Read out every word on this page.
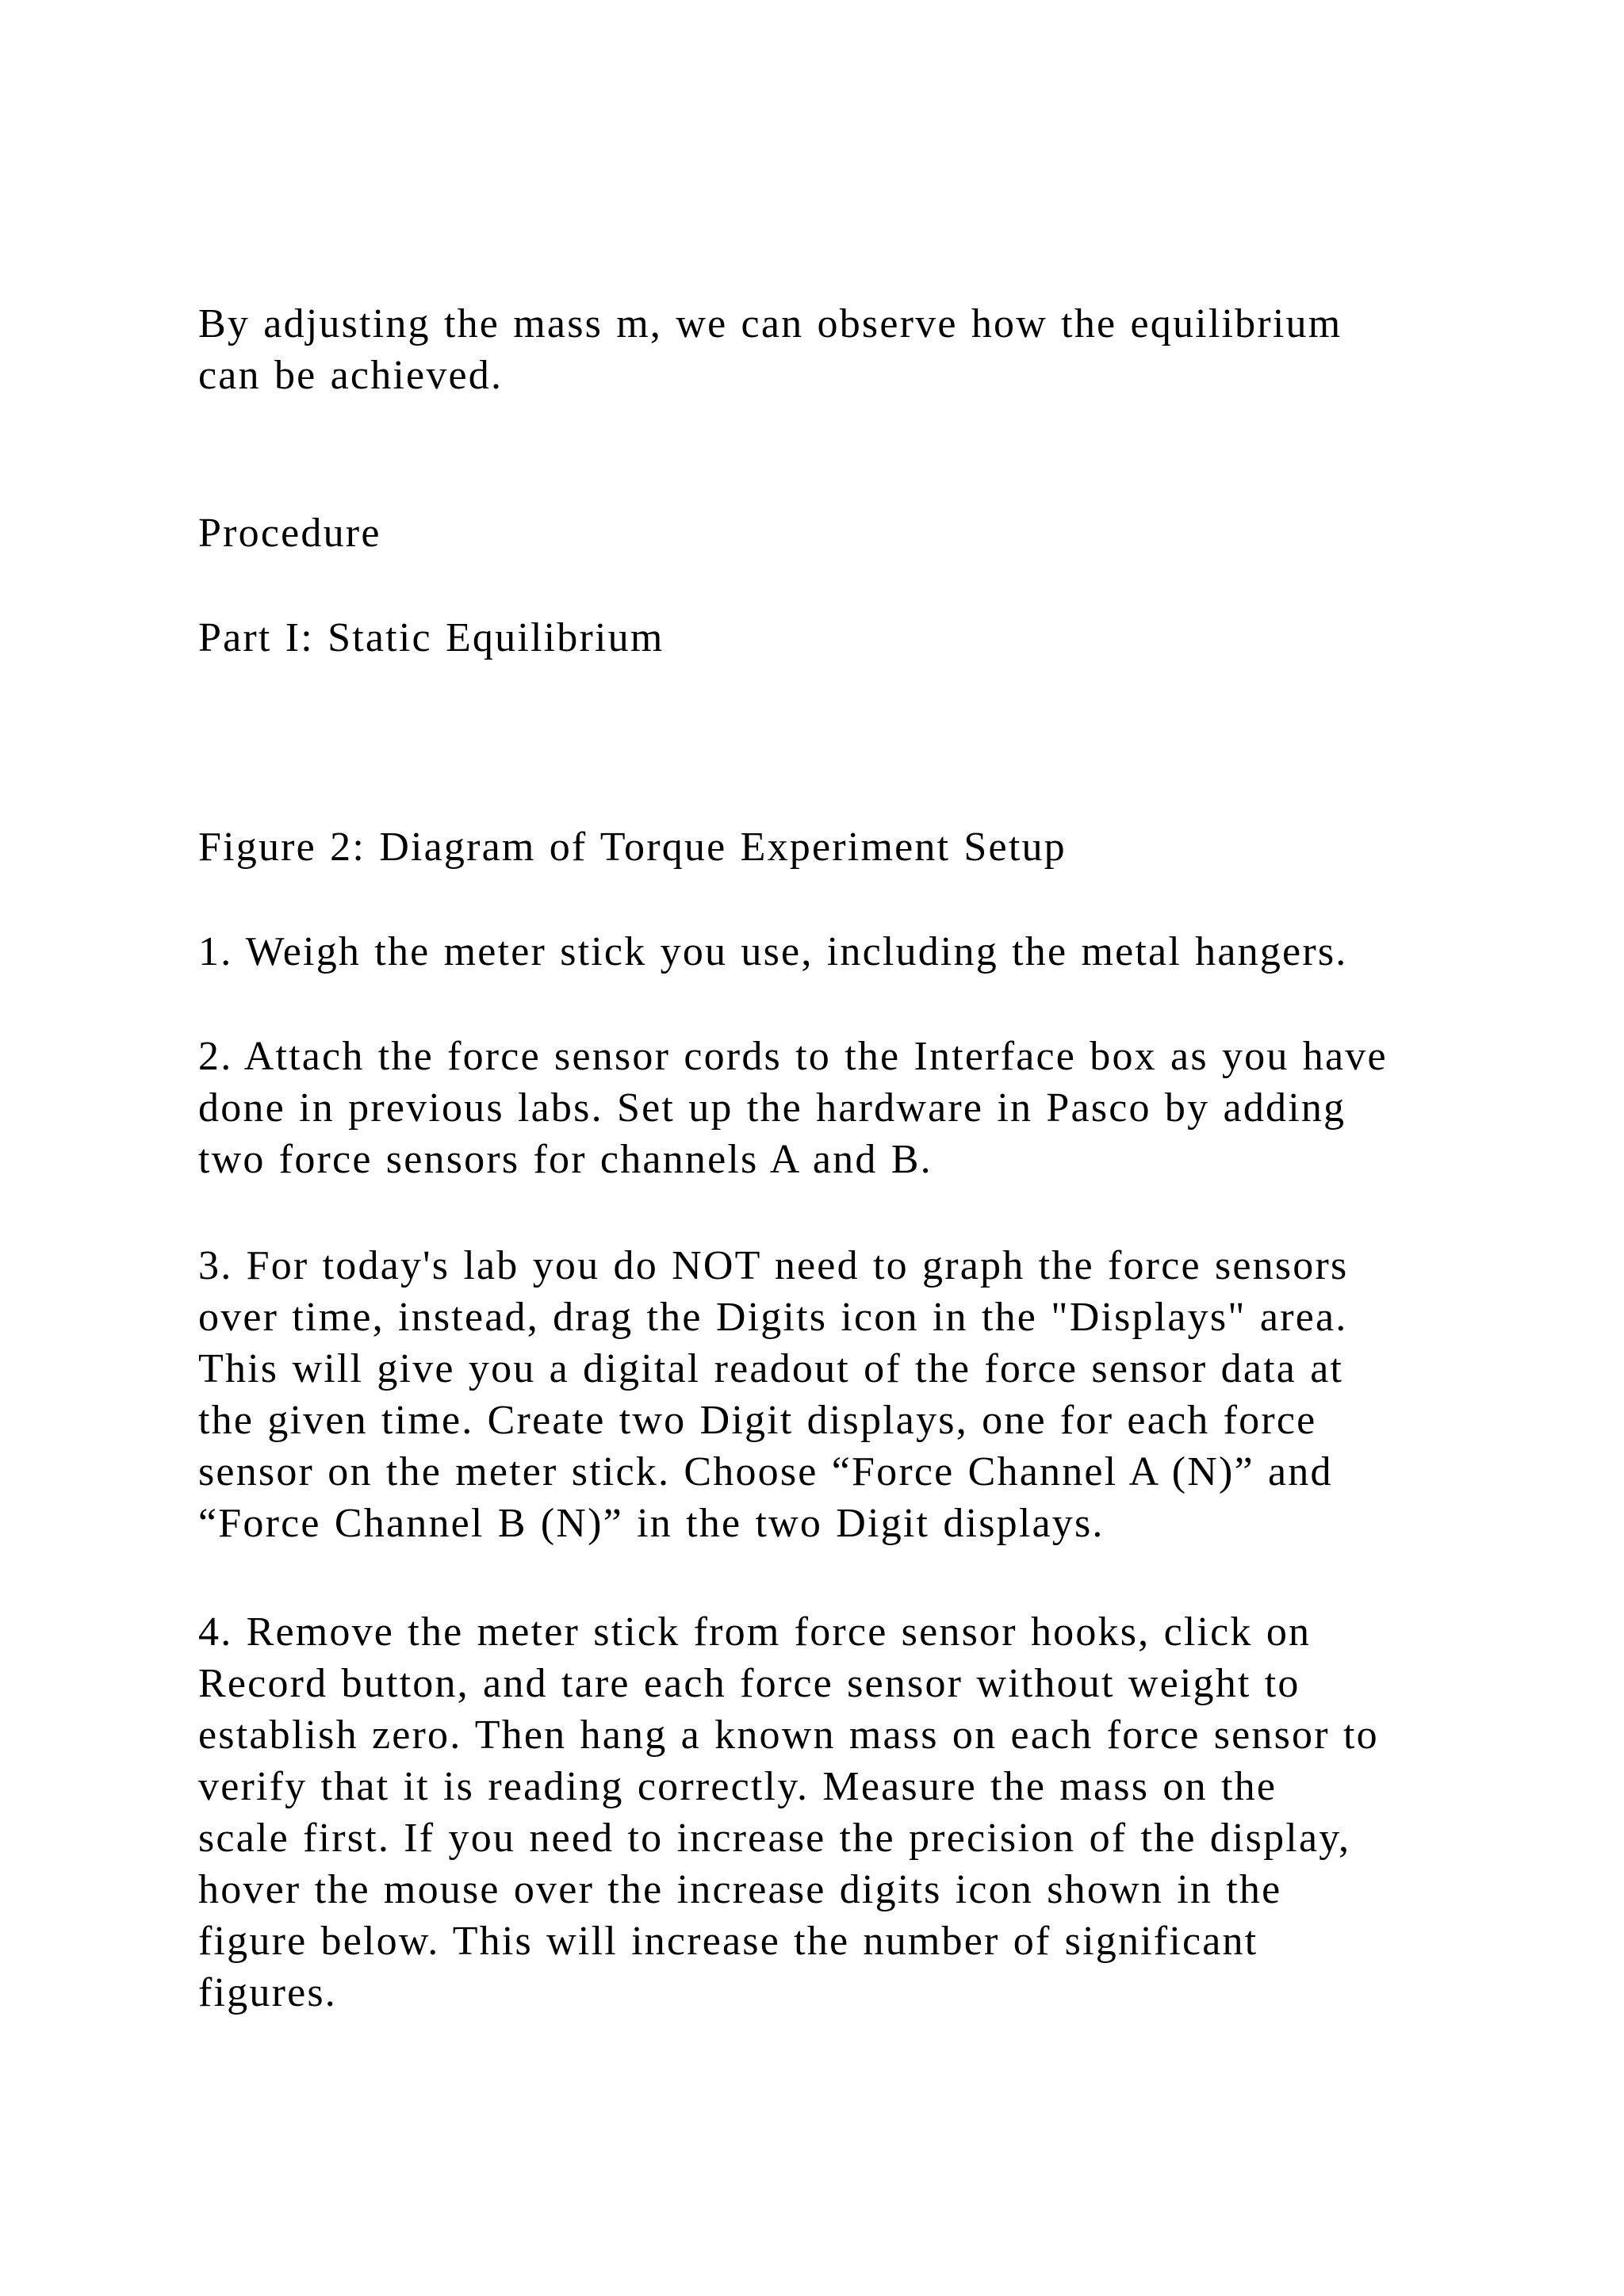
By adjusting the mass m, we can observe how the equilibrium
can be achieved.
Procedure
Part I: Static Equilibrium
Figure 2: Diagram of Torque Experiment Setup
1. Weigh the meter stick you use, including the metal hangers.
2. Attach the force sensor cords to the Interface box as you have
done in previous labs. Set up the hardware in Pasco by adding
two force sensors for channels A and B.
3. For today's lab you do NOT need to graph the force sensors
over time, instead, drag the Digits icon in the "Displays" area.
This will give you a digital readout of the force sensor data at
the given time. Create two Digit displays, one for each force
sensor on the meter stick. Choose “Force Channel A (N)” and
“Force Channel B (N)” in the two Digit displays.
4. Remove the meter stick from force sensor hooks, click on
Record button, and tare each force sensor without weight to
establish zero. Then hang a known mass on each force sensor to
verify that it is reading correctly. Measure the mass on the
scale first. If you need to increase the precision of the display,
hover the mouse over the increase digits icon shown in the
figure below. This will increase the number of significant
figures.
